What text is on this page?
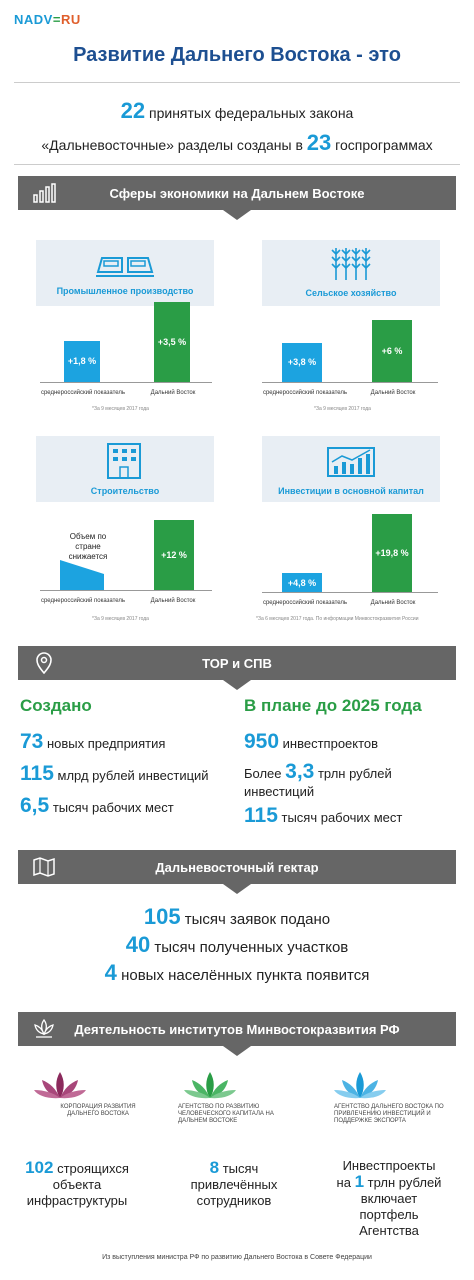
NADV=RU
Развитие Дальнего Востока - это
22 принятых федеральных закона
«Дальневосточные» разделы созданы в 23 госпрограммах
Сферы экономики на Дальнем Востоке
Промышленное производство
+1,8 %
+3,5 %
среднероссийский показатель	Дальний Восток
*За 9 месяцев 2017 года
Сельское хозяйство
+3,8 %
+6 %
среднероссийский показатель	Дальний Восток
*За 9 месяцев 2017 года
Строительство
Объем по стране снижается	+12 %
среднероссийский показатель	Дальний Восток
*За 9 месяцев 2017 года
Инвестиции в основной капитал
+4,8 %
+19,8 %
среднероссийский показатель	Дальний Восток
*За 6 месяцев 2017 года. По информации Минвостокразвития России
ТОР и СПВ
Создано
73 новых предприятия
115 млрд рублей инвестиций
6,5 тысяч рабочих мест
В плане до 2025 года
950 инвестпроектов
Более 3,3 трлн рублей
инвестиций
115 тысяч рабочих мест
Дальневосточный гектар
105 тысяч заявок подано
40 тысяч полученных участков
4 новых населённых пункта появится
Деятельность институтов Минвостокразвития РФ
КОРПОРАЦИЯ РАЗВИТИЯ ДАЛЬНЕГО ВОСТОКА
102 строящихся объекта инфраструктуры
АГЕНТСТВО ПО РАЗВИТИЮ ЧЕЛОВЕЧЕСКОГО КАПИТАЛА НА ДАЛЬНЕМ ВОСТОКЕ
8 тысяч привлечённых сотрудников
АГЕНТСТВО ДАЛЬНЕГО ВОСТОКА ПО ПРИВЛЕЧЕНИЮ ИНВЕСТИЦИЙ И ПОДДЕРЖКЕ ЭКСПОРТА
Инвестпроекты на 1 трлн рублей включает портфель Агентства
Из выступления министра РФ по развитию Дальнего Востока в Совете Федерации
